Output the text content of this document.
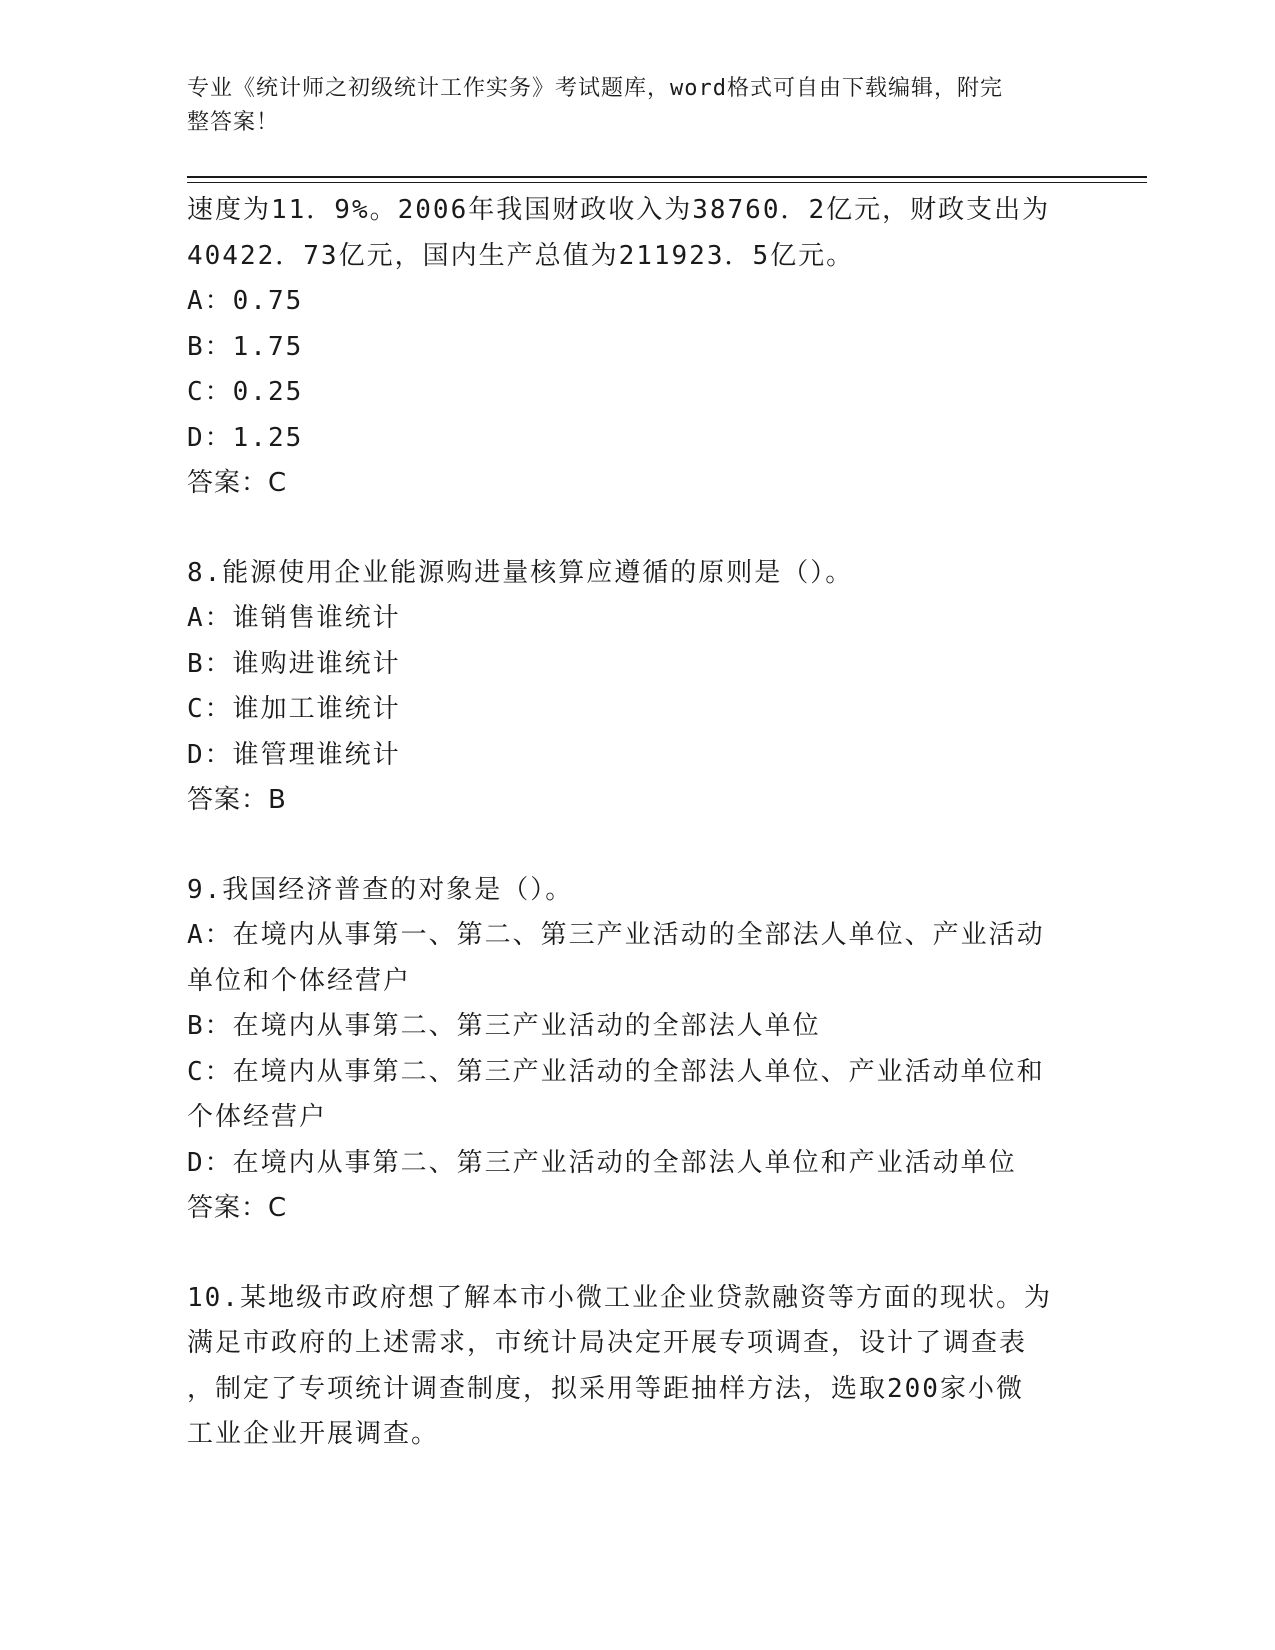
专业《统计师之初级统计工作实务》考试题库，word格式可自由下载编辑，附完
整答案！
速度为11．9%。2006年我国财政收入为38760．2亿元，财政支出为
40422．73亿元，国内生产总值为211923．5亿元。
A：0.75
B：1.75
C：0.25
D：1.25
答案：C
8.能源使用企业能源购进量核算应遵循的原则是（）。
A：谁销售谁统计
B：谁购进谁统计
C：谁加工谁统计
D：谁管理谁统计
答案：B
9.我国经济普查的对象是（）。
A：在境内从事第一、第二、第三产业活动的全部法人单位、产业活动
单位和个体经营户
B：在境内从事第二、第三产业活动的全部法人单位
C：在境内从事第二、第三产业活动的全部法人单位、产业活动单位和
个体经营户
D：在境内从事第二、第三产业活动的全部法人单位和产业活动单位
答案：C
10.某地级市政府想了解本市小微工业企业贷款融资等方面的现状。为
满足市政府的上述需求，市统计局决定开展专项调查，设计了调查表
，制定了专项统计调查制度，拟采用等距抽样方法，选取200家小微
工业企业开展调查。
